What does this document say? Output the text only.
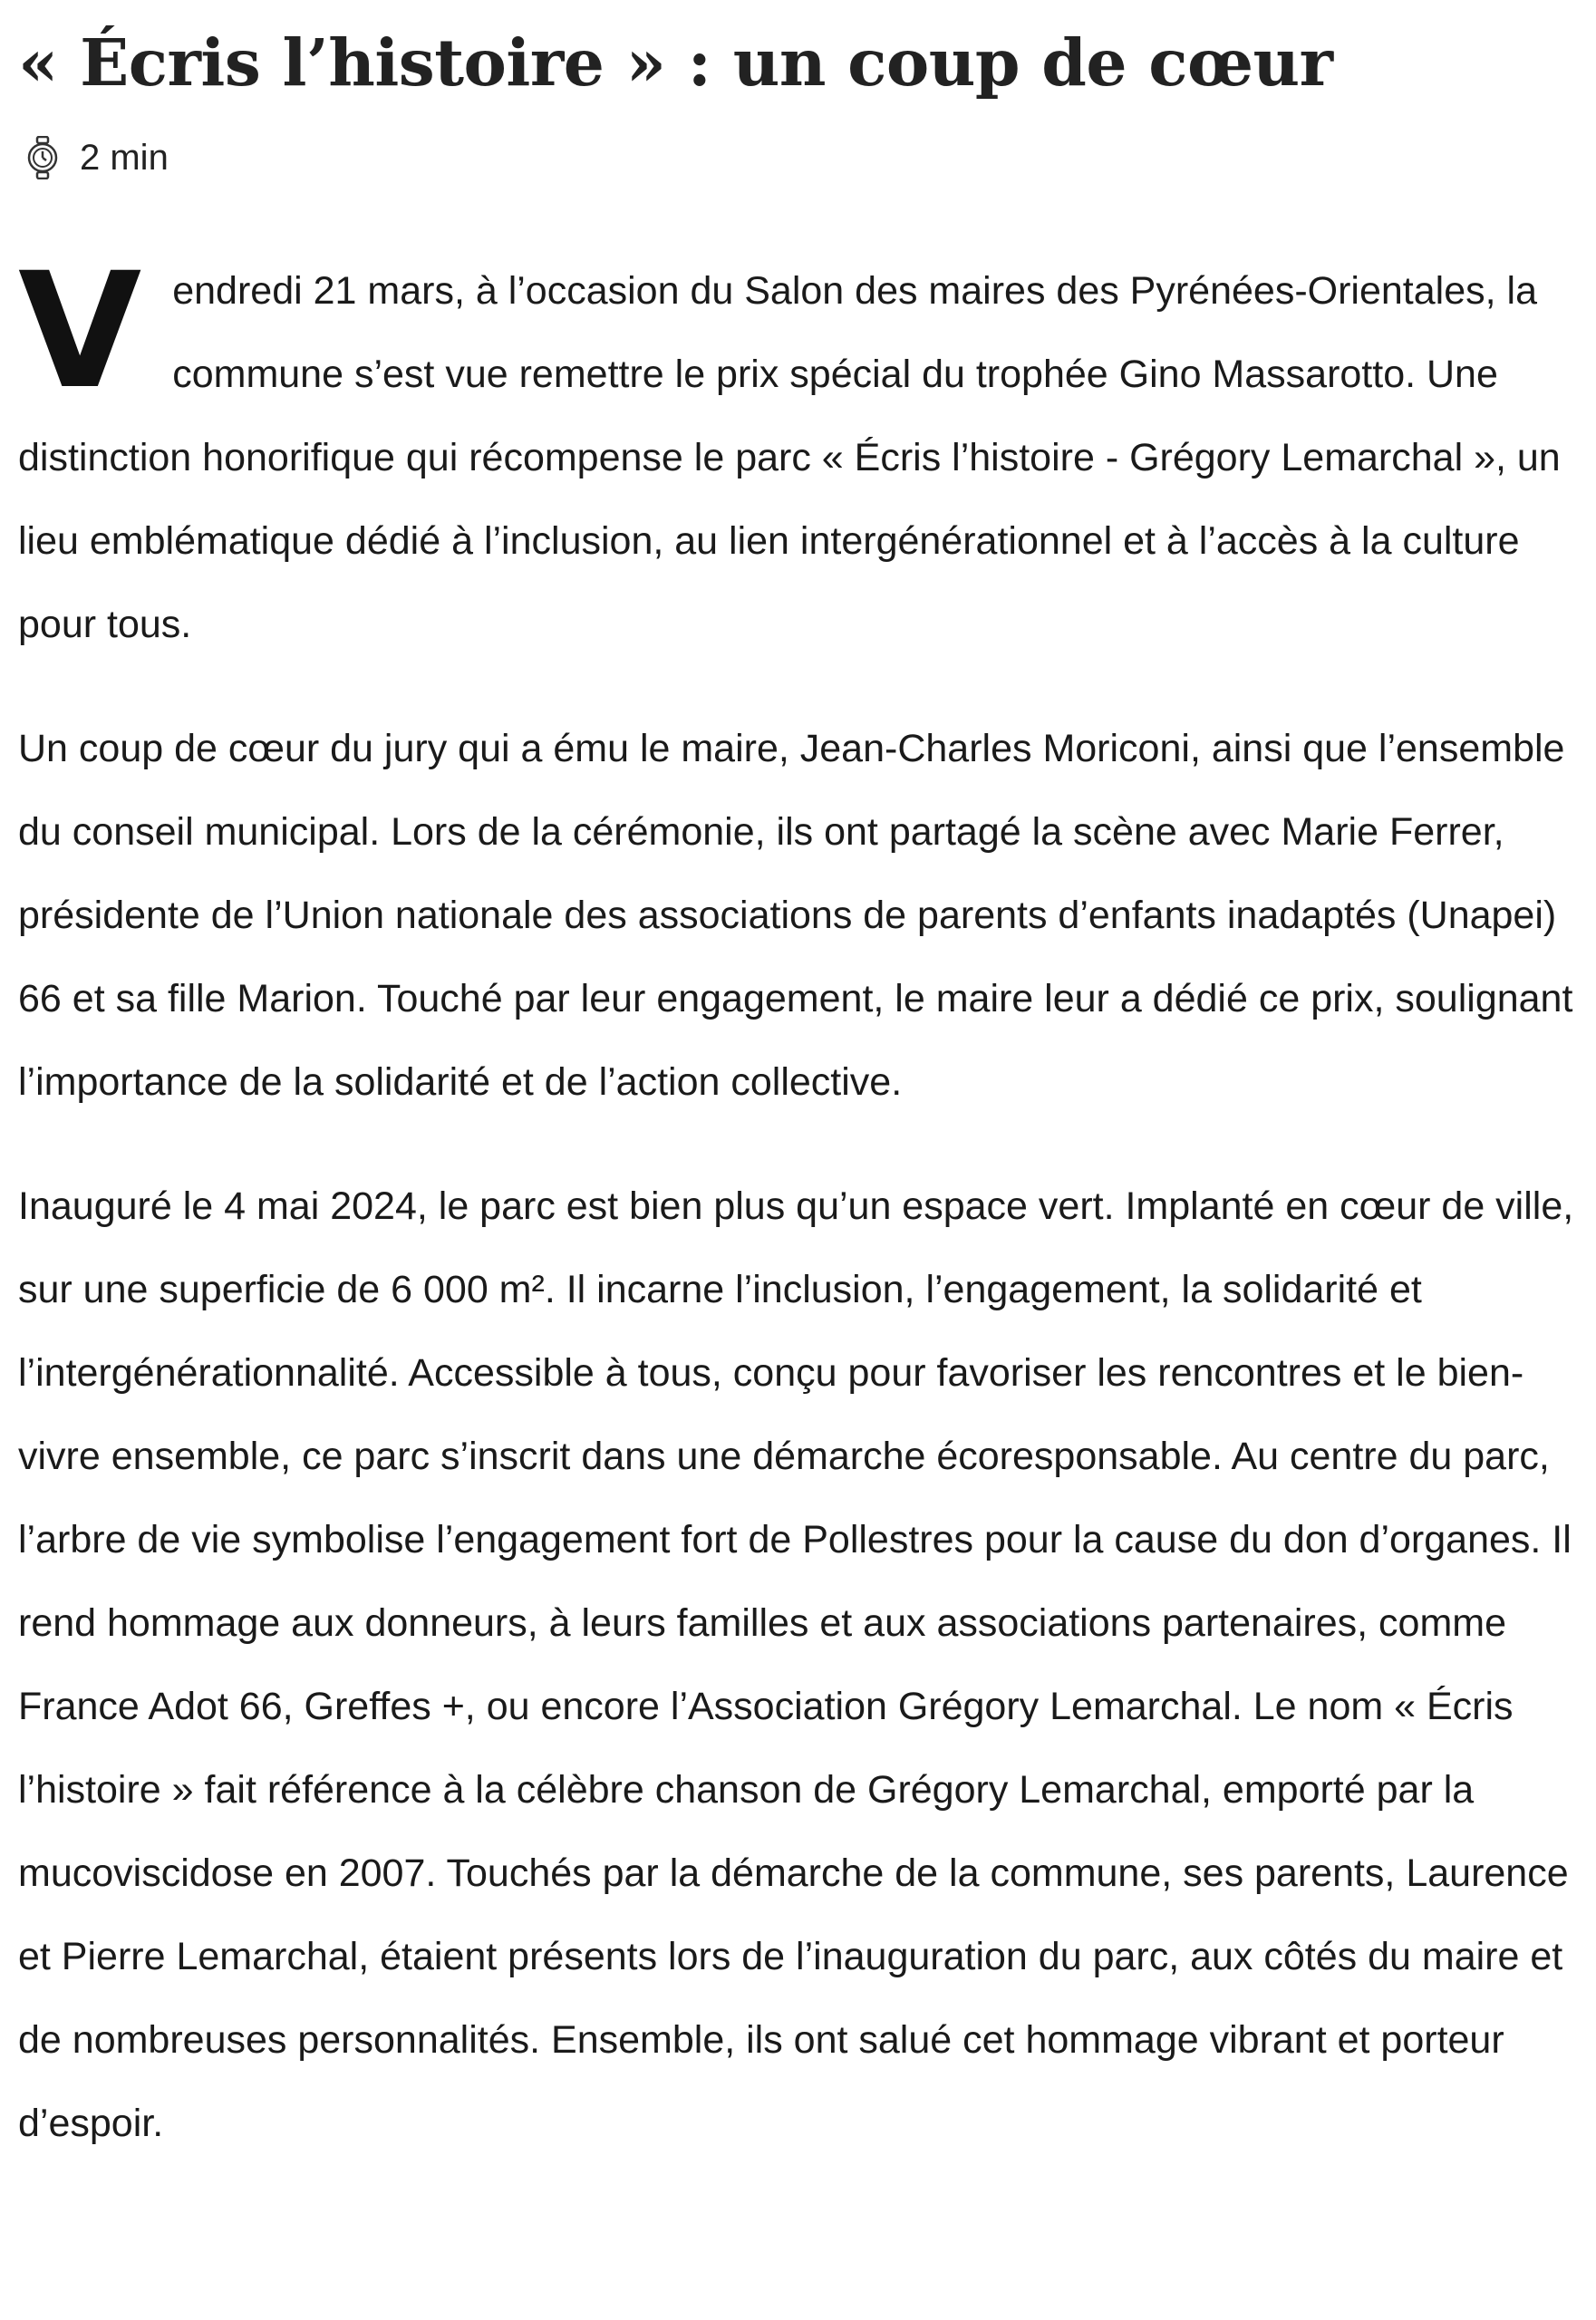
« Écris l’histoire » : un coup de cœur
2 min

Vendredi 21 mars, à l’occasion du Salon des maires des Pyrénées-Orientales, la commune s’est vue remettre le prix spécial du trophée Gino Massarotto. Une distinction honorifique qui récompense le parc « Écris l’histoire - Grégory Lemarchal », un lieu emblématique dédié à l’inclusion, au lien intergénérationnel et à l’accès à la culture pour tous.

Un coup de cœur du jury qui a ému le maire, Jean-Charles Moriconi, ainsi que l’ensemble du conseil municipal. Lors de la cérémonie, ils ont partagé la scène avec Marie Ferrer, présidente de l’Union nationale des associations de parents d’enfants inadaptés (Unapei) 66 et sa fille Marion. Touché par leur engagement, le maire leur a dédié ce prix, soulignant l’importance de la solidarité et de l’action collective.

Inauguré le 4 mai 2024, le parc est bien plus qu’un espace vert. Implanté en cœur de ville, sur une superficie de 6 000 m². Il incarne l’inclusion, l’engagement, la solidarité et l’intergénérationnalité. Accessible à tous, conçu pour favoriser les rencontres et le bien-vivre ensemble, ce parc s’inscrit dans une démarche écoresponsable. Au centre du parc, l’arbre de vie symbolise l’engagement fort de Pollestres pour la cause du don d’organes. Il rend hommage aux donneurs, à leurs familles et aux associations partenaires, comme France Adot 66, Greffes +, ou encore l’Association Grégory Lemarchal. Le nom « Écris l’histoire » fait référence à la célèbre chanson de Grégory Lemarchal, emporté par la mucoviscidose en 2007. Touchés par la démarche de la commune, ses parents, Laurence et Pierre Lemarchal, étaient présents lors de l’inauguration du parc, aux côtés du maire et de nombreuses personnalités. Ensemble, ils ont salué cet hommage vibrant et porteur d’espoir.
